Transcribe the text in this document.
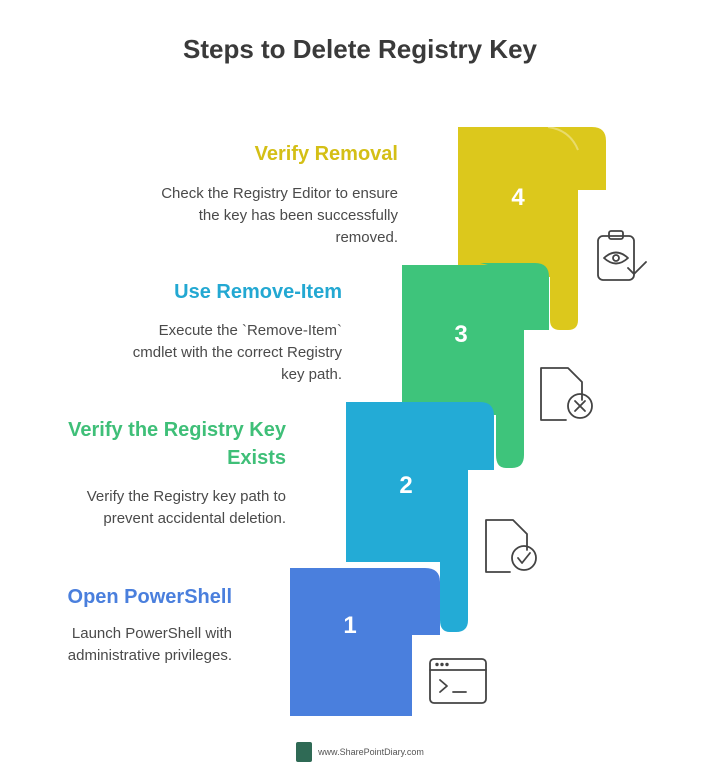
Steps to Delete Registry Key
Verify Removal
Check the Registry Editor to ensure the key has been successfully removed.
Use Remove-Item
Execute the `Remove-Item` cmdlet with the correct Registry key path.
Verify the Registry Key Exists
Verify the Registry key path to prevent accidental deletion.
Open PowerShell
Launch PowerShell with administrative privileges.
4
3
2
1
www.SharePointDiary.com
